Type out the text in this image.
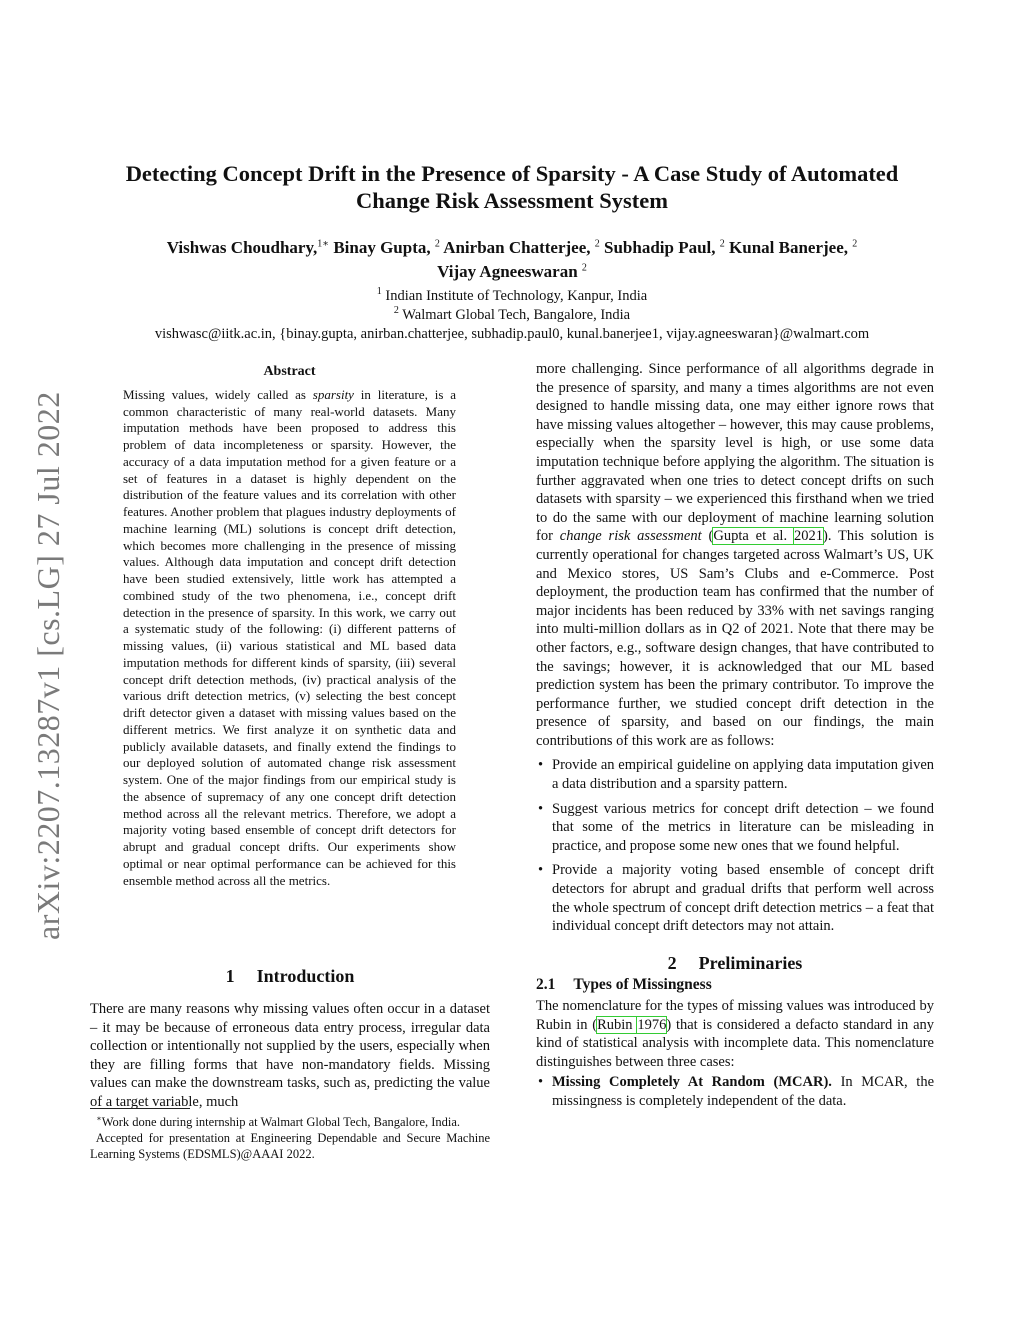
arXiv:2207.13287v1 [cs.LG] 27 Jul 2022
Detecting Concept Drift in the Presence of Sparsity - A Case Study of Automated
Change Risk Assessment System
Vishwas Choudhary,$^{1∗}$ Binay Gupta, $^2$ Anirban Chatterjee, $^2$ Subhadip Paul, $^2$ Kunal Banerjee, $^2$
Vijay Agneeswaran $^2$
$^1$ Indian Institute of Technology, Kanpur, India
$^2$ Walmart Global Tech, Bangalore, India
vishwasc@iitk.ac.in, {binay.gupta, anirban.chatterjee, subhadip.paul0, kunal.banerjee1, vijay.agneeswaran}@walmart.com
Abstract

Missing values, widely called as sparsity in literature, is a common characteristic of many real-world datasets. Many imputation methods have been proposed to address this problem of data incompleteness or sparsity. However, the accuracy of a data imputation method for a given feature or a set of features in a dataset is highly dependent on the distribution of the feature values and its correlation with other features. Another problem that plagues industry deployments of machine learning (ML) solutions is concept drift detection, which becomes more challenging in the presence of missing values. Although data imputation and concept drift detection have been studied extensively, little work has attempted a combined study of the two phenomena, i.e., concept drift detection in the presence of sparsity. In this work, we carry out a systematic study of the following: (i) different patterns of missing values, (ii) various statistical and ML based data imputation methods for different kinds of sparsity, (iii) several concept drift detection methods, (iv) practical analysis of the various drift detection metrics, (v) selecting the best concept drift detector given a dataset with missing values based on the different metrics. We first analyze it on synthetic data and publicly available datasets, and finally extend the findings to our deployed solution of automated change risk assessment system. One of the major findings from our empirical study is the absence of supremacy of any one concept drift detection method across all the relevant metrics. Therefore, we adopt a majority voting based ensemble of concept drift detectors for abrupt and gradual concept drifts. Our experiments show optimal or near optimal performance can be achieved for this ensemble method across all the metrics.

1 Introduction

There are many reasons why missing values often occur in a dataset – it may be because of erroneous data entry process, irregular data collection or intentionally not supplied by the users, especially when they are filling forms that have non-mandatory fields. Missing values can make the downstream tasks, such as, predicting the value of a target variable, much

∗Work done during internship at Walmart Global Tech, Bangalore, India.

Accepted for presentation at Engineering Dependable and Secure Machine Learning Systems (EDSMLS)@AAAI 2022.

more challenging. Since performance of all algorithms degrade in the presence of sparsity, and many a times algorithms are not even designed to handle missing data, one may either ignore rows that have missing values altogether – however, this may cause problems, especially when the sparsity level is high, or use some data imputation technique before applying the algorithm. The situation is further aggravated when one tries to detect concept drifts on such datasets with sparsity – we experienced this firsthand when we tried to do the same with our deployment of machine learning solution for change risk assessment (Gupta et al. 2021). This solution is currently operational for changes targeted across Walmart’s US, UK and Mexico stores, US Sam’s Clubs and e-Commerce. Post deployment, the production team has confirmed that the number of major incidents has been reduced by 33% with net savings ranging into multi-million dollars as in Q2 of 2021. Note that there may be other factors, e.g., software design changes, that have contributed to the savings; however, it is acknowledged that our ML based prediction system has been the primary contributor. To improve the performance further, we studied concept drift detection in the presence of sparsity, and based on our findings, the main contributions of this work are as follows:

• Provide an empirical guideline on applying data imputation given a data distribution and a sparsity pattern.
• Suggest various metrics for concept drift detection – we found that some of the metrics in literature can be misleading in practice, and propose some new ones that we found helpful.
• Provide a majority voting based ensemble of concept drift detectors for abrupt and gradual drifts that perform well across the whole spectrum of concept drift detection metrics – a feat that individual concept drift detectors may not attain.
2 Preliminaries
2.1 Types of Missingness

The nomenclature for the types of missing values was introduced by Rubin in (Rubin 1976) that is considered a defacto standard in any kind of statistical analysis with incomplete data. This nomenclature distinguishes between three cases:

• Missing Completely At Random (MCAR). In MCAR, the missingness is completely independent of the data.
